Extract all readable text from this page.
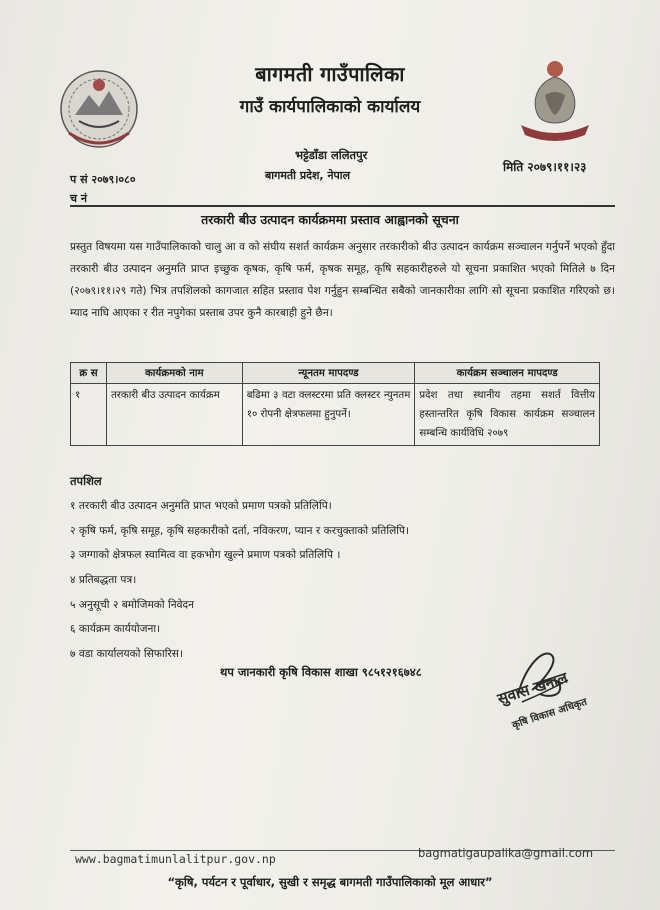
बागमती गाउँपालिका
गाउँ कार्यपालिकाको कार्यालय
भट्टेडाँडा ललितपुर
बागमती प्रदेश, नेपाल
प सं २०७९।०८०
च नं
मिति २०७९।११।२३
तरकारी बीउ उत्पादन कार्यक्रममा प्रस्ताव आह्वानको सूचना
प्रस्तुत विषयमा यस गाउँपालिकाको चालु आ व को संघीय सशर्त कार्यक्रम अनुसार तरकारीको बीउ उत्पादन कार्यक्रम सञ्चालन गर्नुपर्ने भएको हुँदा तरकारी बीउ उत्पादन अनुमति प्राप्त इच्छुक कृषक, कृषि फर्म, कृषक समूह, कृषि सहकारीहरुले यो सूचना प्रकाशित भएको मितिले ७ दिन (२०७९।११।२९ गते) भित्र तपशिलको कागजात सहित प्रस्ताव पेश गर्नुहुन सम्बन्धित सबैको जानकारीका लागि सो सूचना प्रकाशित गरिएको छ। म्याद नाघि आएका र रीत नपुगेका प्रस्ताब उपर कुनै कारबाही हुने छैन।
क्र स	कार्यक्रमको नाम	न्यूनतम मापदण्ड	कार्यक्रम सञ्चालन मापदण्ड
१	तरकारी बीउ उत्पादन कार्यक्रम	बढिमा ३ वटा क्लस्टरमा प्रति क्लस्टर न्युनतम १० रोपनी क्षेत्रफलमा हुनुपर्ने।	प्रदेश तथा स्थानीय तहमा सशर्त वित्तीय हस्तान्तरित कृषि विकास कार्यक्रम सञ्चालन सम्बन्धि कार्यविधि २०७९
तपशिल
१ तरकारी बीउ उत्पादन अनुमति प्राप्त भएको प्रमाण पत्रको प्रतिलिपि।
२ कृषि फर्म, कृषि समूह, कृषि सहकारीको दर्ता, नविकरण, प्यान र करचुक्ताको प्रतिलिपि।
३ जग्गाको क्षेत्रफल स्वामित्व वा हकभोग खुल्ने प्रमाण पत्रको प्रतिलिपि ।
४ प्रतिबद्धता पत्र।
५ अनुसूची २ बमोजिमको निवेदन
६ कार्यक्रम कार्ययोजना।
७ वडा कार्यालयको सिफारिस।
थप जानकारी कृषि विकास शाखा ९८५१२१६७४८	सुवास खनाल
कृषि विकास अधिकृत
www.bagmatimunlalitpur.gov.np	bagmatigaupalika@gmail.com
“कृषि, पर्यटन र पूर्वाधार, सुखी र समृद्ध बागमती गाउँपालिकाको मूल आधार”
